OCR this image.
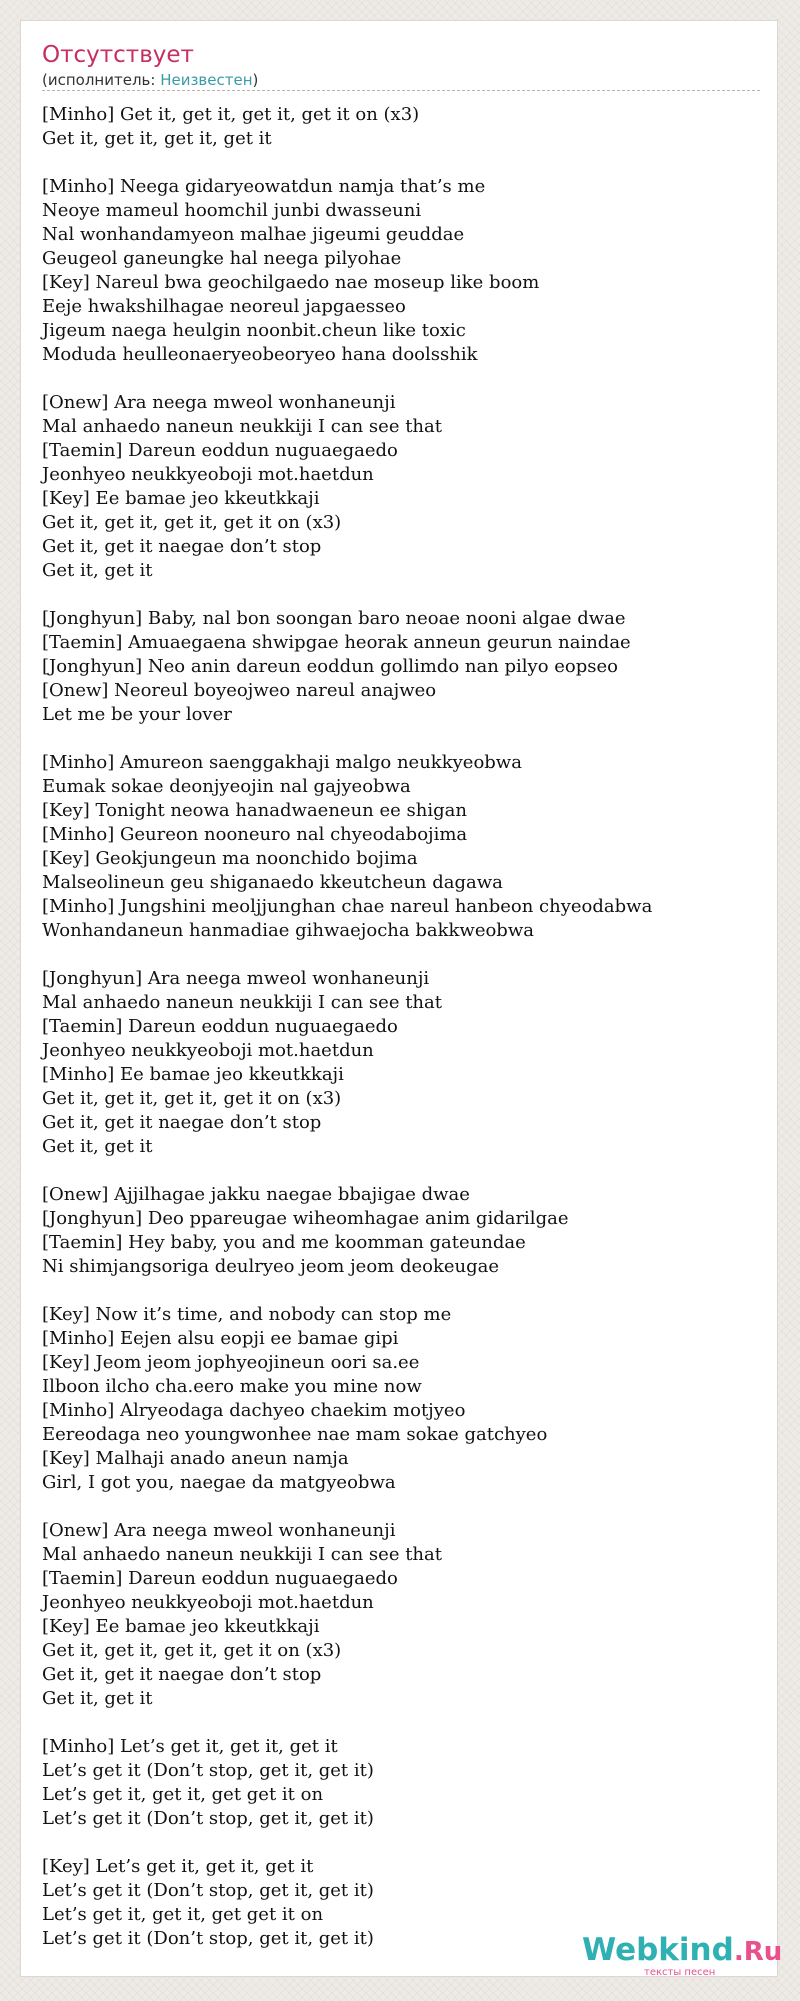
Отсутствует
(исполнитель: Неизвестен)
[Minho] Get it, get it, get it, get it on (x3)
Get it, get it, get it, get it
[Minho] Neega gidaryeowatdun namja that’s me
Neoye mameul hoomchil junbi dwasseuni
Nal wonhandamyeon malhae jigeumi geuddae
Geugeol ganeungke hal neega pilyohae
[Key] Nareul bwa geochilgaedo nae moseup like boom
Eeje hwakshilhagae neoreul japgaesseo
Jigeum naega heulgin noonbit.cheun like toxic
Moduda heulleonaeryeobeoryeo hana doolsshik
[Onew] Ara neega mweol wonhaneunji
Mal anhaedo naneun neukkiji I can see that
[Taemin] Dareun eoddun nuguaegaedo
Jeonhyeo neukkyeoboji mot.haetdun
[Key] Ee bamae jeo kkeutkkaji
Get it, get it, get it, get it on (x3)
Get it, get it naegae don’t stop
Get it, get it
[Jonghyun] Baby, nal bon soongan baro neoae nooni algae dwae
[Taemin] Amuaegaena shwipgae heorak anneun geurun naindae
[Jonghyun] Neo anin dareun eoddun gollimdo nan pilyo eopseo
[Onew] Neoreul boyeojweo nareul anajweo
Let me be your lover
[Minho] Amureon saenggakhaji malgo neukkyeobwa
Eumak sokae deonjyeojin nal gajyeobwa
[Key] Tonight neowa hanadwaeneun ee shigan
[Minho] Geureon nooneuro nal chyeodabojima
[Key] Geokjungeun ma noonchido bojima
Malseolineun geu shiganaedo kkeutcheun dagawa
[Minho] Jungshini meoljjunghan chae nareul hanbeon chyeodabwa
Wonhandaneun hanmadiae gihwaejocha bakkweobwa
[Jonghyun] Ara neega mweol wonhaneunji
Mal anhaedo naneun neukkiji I can see that
[Taemin] Dareun eoddun nuguaegaedo
Jeonhyeo neukkyeoboji mot.haetdun
[Minho] Ee bamae jeo kkeutkkaji
Get it, get it, get it, get it on (x3)
Get it, get it naegae don’t stop
Get it, get it
[Onew] Ajjilhagae jakku naegae bbajigae dwae
[Jonghyun] Deo ppareugae wiheomhagae anim gidarilgae
[Taemin] Hey baby, you and me koomman gateundae
Ni shimjangsoriga deulryeo jeom jeom deokeugae
[Key] Now it’s time, and nobody can stop me
[Minho] Eejen alsu eopji ee bamae gipi
[Key] Jeom jeom jophyeojineun oori sa.ee
Ilboon ilcho cha.eero make you mine now
[Minho] Alryeodaga dachyeo chaekim motjyeo
Eereodaga neo youngwonhee nae mam sokae gatchyeo
[Key] Malhaji anado aneun namja
Girl, I got you, naegae da matgyeobwa
[Onew] Ara neega mweol wonhaneunji
Mal anhaedo naneun neukkiji I can see that
[Taemin] Dareun eoddun nuguaegaedo
Jeonhyeo neukkyeoboji mot.haetdun
[Key] Ee bamae jeo kkeutkkaji
Get it, get it, get it, get it on (x3)
Get it, get it naegae don’t stop
Get it, get it
[Minho] Let’s get it, get it, get it
Let’s get it (Don’t stop, get it, get it)
Let’s get it, get it, get get it on
Let’s get it (Don’t stop, get it, get it)
[Key] Let’s get it, get it, get it
Let’s get it (Don’t stop, get it, get it)
Let’s get it, get it, get get it on
Let’s get it (Don’t stop, get it, get it)	Webkind.Ru
тексты песен
